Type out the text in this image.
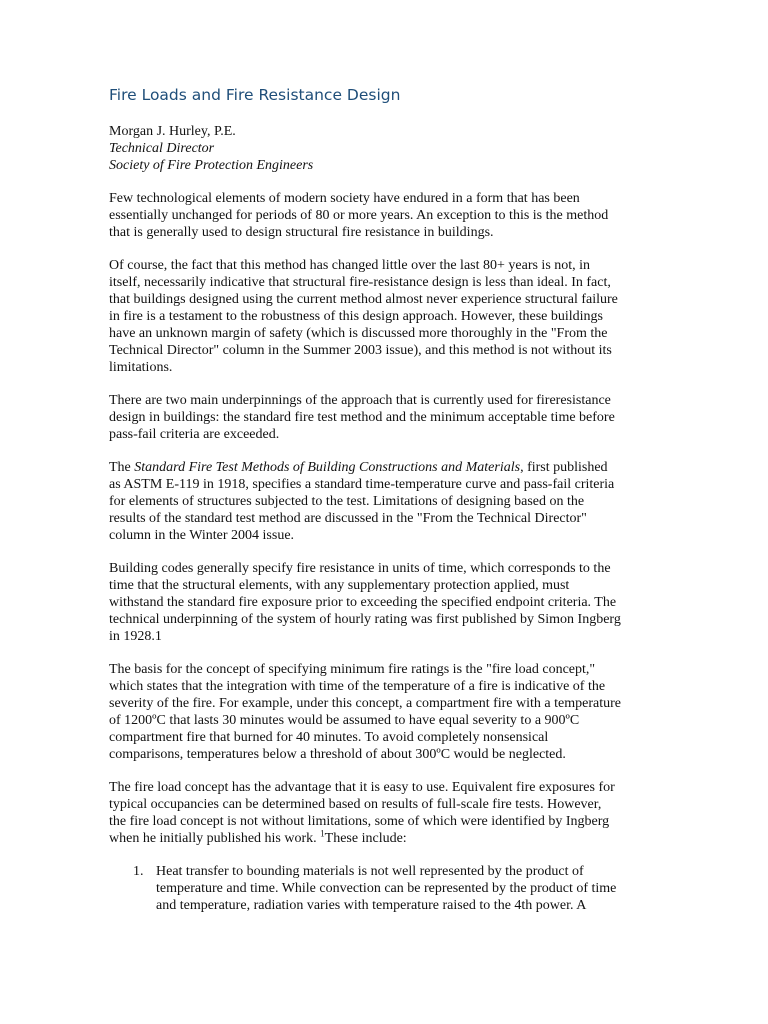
Fire Loads and Fire Resistance Design
Morgan J. Hurley, P.E.
Technical Director
Society of Fire Protection Engineers
Few technological elements of modern society have endured in a form that has been
essentially unchanged for periods of 80 or more years. An exception to this is the method
that is generally used to design structural fire resistance in buildings.
Of course, the fact that this method has changed little over the last 80+ years is not, in
itself, necessarily indicative that structural fire-resistance design is less than ideal. In fact,
that buildings designed using the current method almost never experience structural failure
in fire is a testament to the robustness of this design approach. However, these buildings
have an unknown margin of safety (which is discussed more thoroughly in the "From the
Technical Director" column in the Summer 2003 issue), and this method is not without its
limitations.
There are two main underpinnings of the approach that is currently used for fireresistance
design in buildings: the standard fire test method and the minimum acceptable time before
pass-fail criteria are exceeded.
The Standard Fire Test Methods of Building Constructions and Materials, first published
as ASTM E-119 in 1918, specifies a standard time-temperature curve and pass-fail criteria
for elements of structures subjected to the test. Limitations of designing based on the
results of the standard test method are discussed in the "From the Technical Director"
column in the Winter 2004 issue.
Building codes generally specify fire resistance in units of time, which corresponds to the
time that the structural elements, with any supplementary protection applied, must
withstand the standard fire exposure prior to exceeding the specified endpoint criteria. The
technical underpinning of the system of hourly rating was first published by Simon Ingberg
in 1928.1
The basis for the concept of specifying minimum fire ratings is the "fire load concept,"
which states that the integration with time of the temperature of a fire is indicative of the
severity of the fire. For example, under this concept, a compartment fire with a temperature
of 1200ºC that lasts 30 minutes would be assumed to have equal severity to a 900ºC
compartment fire that burned for 40 minutes. To avoid completely nonsensical
comparisons, temperatures below a threshold of about 300ºC would be neglected.
The fire load concept has the advantage that it is easy to use. Equivalent fire exposures for
typical occupancies can be determined based on results of full-scale fire tests. However,
the fire load concept is not without limitations, some of which were identified by Ingberg
when he initially published his work. $^1$These include:
1. Heat transfer to bounding materials is not well represented by the product of
temperature and time. While convection can be represented by the product of time
and temperature, radiation varies with temperature raised to the 4th power. A
